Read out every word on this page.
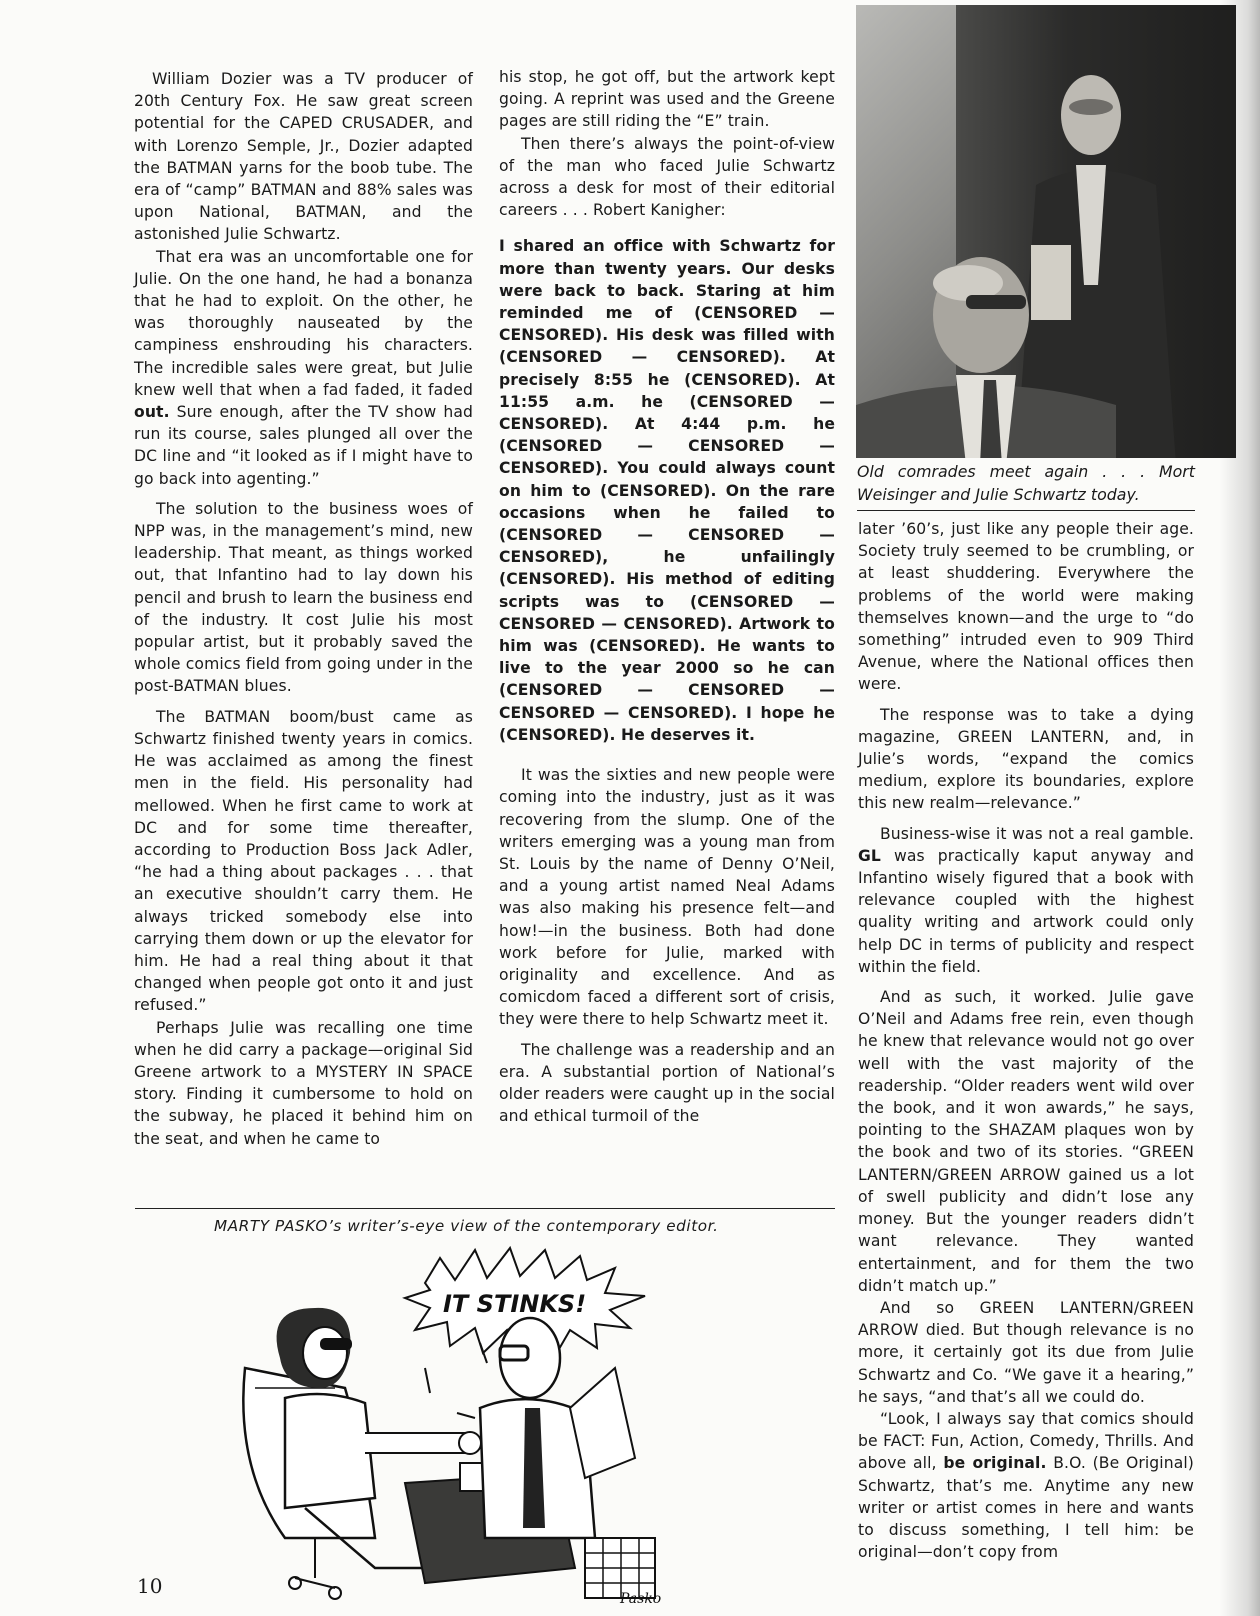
William Dozier was a TV producer of 20th Century Fox. He saw great screen potential for the CAPED CRUSADER, and with Lorenzo Semple, Jr., Dozier adapted the BATMAN yarns for the boob tube. The era of “camp” BATMAN and 88% sales was upon National, BATMAN, and the astonished Julie Schwartz.

That era was an uncomfortable one for Julie. On the one hand, he had a bonanza that he had to exploit. On the other, he was thoroughly nauseated by the campiness enshrouding his characters. The incredible sales were great, but Julie knew well that when a fad faded, it faded out. Sure enough, after the TV show had run its course, sales plunged all over the DC line and “it looked as if I might have to go back into agenting.”

The solution to the business woes of NPP was, in the management’s mind, new leadership. That meant, as things worked out, that Infantino had to lay down his pencil and brush to learn the business end of the industry. It cost Julie his most popular artist, but it probably saved the whole comics field from going under in the post-BATMAN blues.

The BATMAN boom/bust came as Schwartz finished twenty years in comics. He was acclaimed as among the finest men in the field. His personality had mellowed. When he first came to work at DC and for some time thereafter, according to Production Boss Jack Adler, “he had a thing about packages . . . that an executive shouldn’t carry them. He always tricked somebody else into carrying them down or up the elevator for him. He had a real thing about it that changed when people got onto it and just refused.”

Perhaps Julie was recalling one time when he did carry a package—original Sid Greene artwork to a MYSTERY IN SPACE story. Finding it cumbersome to hold on the subway, he placed it behind him on the seat, and when he came to

his stop, he got off, but the artwork kept going. A reprint was used and the Greene pages are still riding the “E” train.

Then there’s always the point-of-view of the man who faced Julie Schwartz across a desk for most of their editorial careers . . . Robert Kanigher:

I shared an office with Schwartz for more than twenty years. Our desks were back to back. Staring at him reminded me of (CENSORED — CENSORED). His desk was filled with (CENSORED — CENSORED). At precisely 8:55 he (CENSORED). At 11:55 a.m. he (CENSORED — CENSORED). At 4:44 p.m. he (CENSORED — CENSORED — CENSORED). You could always count on him to (CENSORED). On the rare occasions when he failed to (CENSORED — CENSORED — CENSORED), he unfailingly (CENSORED). His method of editing scripts was to (CENSORED — CENSORED — CENSORED). Artwork to him was (CENSORED). He wants to live to the year 2000 so he can (CENSORED — CENSORED — CENSORED — CENSORED). I hope he (CENSORED). He deserves it.

It was the sixties and new people were coming into the industry, just as it was recovering from the slump. One of the writers emerging was a young man from St. Louis by the name of Denny O’Neil, and a young artist named Neal Adams was also making his presence felt—and how!—in the business. Both had done work before for Julie, marked with originality and excellence. And as comicdom faced a different sort of crisis, they were there to help Schwartz meet it.

The challenge was a readership and an era. A substantial portion of National’s older readers were caught up in the social and ethical turmoil of the

Old comrades meet again . . . Mort Weisinger and Julie Schwartz today.

later ’60’s, just like any people their age. Society truly seemed to be crumbling, or at least shuddering. Everywhere the problems of the world were making themselves known—and the urge to “do something” intruded even to 909 Third Avenue, where the National offices then were.

The response was to take a dying magazine, GREEN LANTERN, and, in Julie’s words, “expand the comics medium, explore its boundaries, explore this new realm—relevance.”

Business-wise it was not a real gamble. GL was practically kaput anyway and Infantino wisely figured that a book with relevance coupled with the highest quality writing and artwork could only help DC in terms of publicity and respect within the field.

And as such, it worked. Julie gave O’Neil and Adams free rein, even though he knew that relevance would not go over well with the vast majority of the readership. “Older readers went wild over the book, and it won awards,” he says, pointing to the SHAZAM plaques won by the book and two of its stories. “GREEN LANTERN/GREEN ARROW gained us a lot of swell publicity and didn’t lose any money. But the younger readers didn’t want relevance. They wanted entertainment, and for them the two didn’t match up.”

And so GREEN LANTERN/GREEN ARROW died. But though relevance is no more, it certainly got its due from Julie Schwartz and Co. “We gave it a hearing,” he says, “and that’s all we could do.

“Look, I always say that comics should be FACT: Fun, Action, Comedy, Thrills. And above all, be original. B.O. (Be Original) Schwartz, that’s me. Anytime any new writer or artist comes in here and wants to discuss something, I tell him: be original—don’t copy from

MARTY PASKO’s writer’s-eye view of the contemporary editor.
IT STINKS!
Pasko
10
